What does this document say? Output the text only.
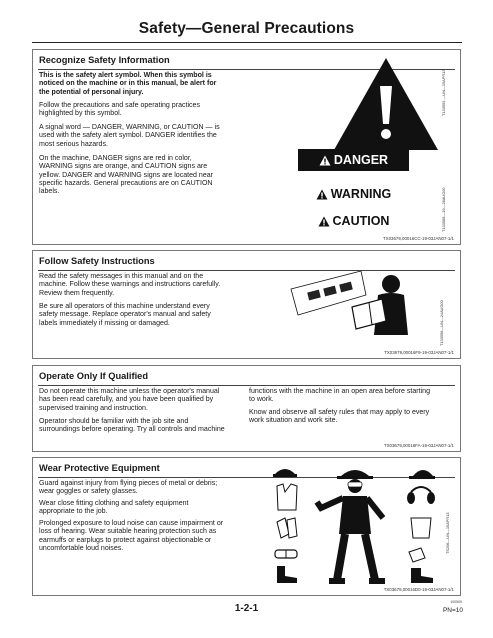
Safety—General Precautions
Recognize Safety Information
This is the safety alert symbol. When this symbol is
noticed on the machine or in this manual, be alert for
the potential of personal injury.
Follow the precautions and safe operating practices
highlighted by this symbol.
A signal word — DANGER, WARNING, or CAUTION — is
used with the safety alert symbol. DANGER identifies the
most serious hazards.
On the machine, DANGER signs are red in color,
WARNING signs are orange, and CAUTION signs are
yellow. DANGER and WARNING signs are located near
specific hazards. General precautions are on CAUTION
labels.
T133555 —UN—15APR13
DANGER
WARNING
CAUTION	T133588—19—28AUG00
TX03679,00016CC-19-03JAN07-1/1
Follow Safety Instructions
Read the safety messages in this manual and on the
machine. Follow these warnings and instructions carefully.
Review them frequently.
Be sure all operators of this machine understand every
safety message. Replace operator's manual and safety
labels immediately if missing or damaged.	T133556—UN—24AUG00
TX03679,00016F9-19-03JAN07-1/1
Operate Only If Qualified
Do not operate this machine unless the operator's manual
has been read carefully, and you have been qualified by
supervised training and instruction.
Operator should be familiar with the job site and
surroundings before operating. Try all controls and machine
functions with the machine in an open area before starting
to work.
Know and observe all safety rules that may apply to every
work situation and work site.
TX03679,00016FA-19-03JAN07-1/1
Wear Protective Equipment
Guard against injury from flying pieces of metal or debris;
wear goggles or safety glasses.
Wear close fitting clothing and safety equipment
appropriate to the job.
Prolonged exposure to loud noise can cause impairment or
loss of hearing. Wear suitable hearing protection such as
earmuffs or earplugs to protect against objectionable or
uncomfortable loud noises.	TS206—UN—15APR13
TX03679,00016D0-19-03JAN07-1/1
1-2-1
100509
PN=10
